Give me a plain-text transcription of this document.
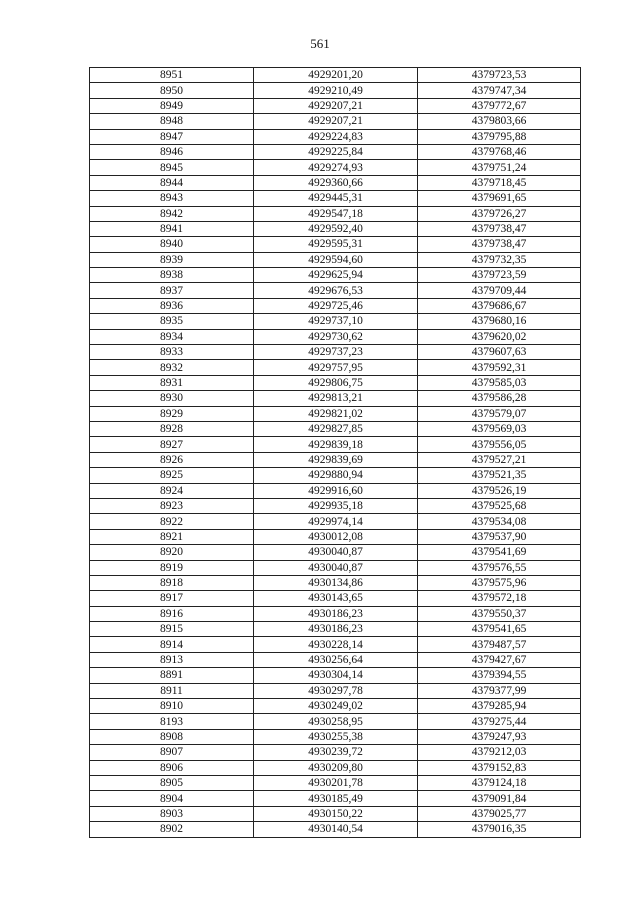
561
8951	4929201,20	4379723,53
8950	4929210,49	4379747,34
8949	4929207,21	4379772,67
8948	4929207,21	4379803,66
8947	4929224,83	4379795,88
8946	4929225,84	4379768,46
8945	4929274,93	4379751,24
8944	4929360,66	4379718,45
8943	4929445,31	4379691,65
8942	4929547,18	4379726,27
8941	4929592,40	4379738,47
8940	4929595,31	4379738,47
8939	4929594,60	4379732,35
8938	4929625,94	4379723,59
8937	4929676,53	4379709,44
8936	4929725,46	4379686,67
8935	4929737,10	4379680,16
8934	4929730,62	4379620,02
8933	4929737,23	4379607,63
8932	4929757,95	4379592,31
8931	4929806,75	4379585,03
8930	4929813,21	4379586,28
8929	4929821,02	4379579,07
8928	4929827,85	4379569,03
8927	4929839,18	4379556,05
8926	4929839,69	4379527,21
8925	4929880,94	4379521,35
8924	4929916,60	4379526,19
8923	4929935,18	4379525,68
8922	4929974,14	4379534,08
8921	4930012,08	4379537,90
8920	4930040,87	4379541,69
8919	4930040,87	4379576,55
8918	4930134,86	4379575,96
8917	4930143,65	4379572,18
8916	4930186,23	4379550,37
8915	4930186,23	4379541,65
8914	4930228,14	4379487,57
8913	4930256,64	4379427,67
8891	4930304,14	4379394,55
8911	4930297,78	4379377,99
8910	4930249,02	4379285,94
8193	4930258,95	4379275,44
8908	4930255,38	4379247,93
8907	4930239,72	4379212,03
8906	4930209,80	4379152,83
8905	4930201,78	4379124,18
8904	4930185,49	4379091,84
8903	4930150,22	4379025,77
8902	4930140,54	4379016,35
